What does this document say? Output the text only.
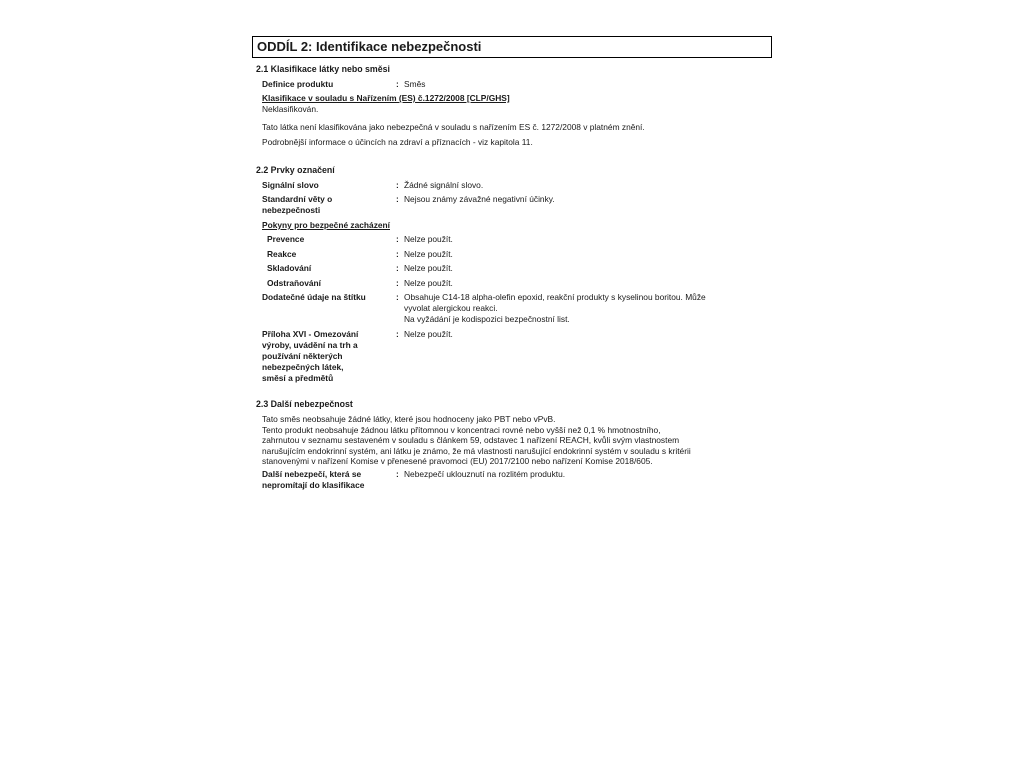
ODDÍL 2: Identifikace nebezpečnosti
2.1 Klasifikace látky nebo směsi
Definice produktu	: Směs
Klasifikace v souladu s Nařízením (ES) č.1272/2008 [CLP/GHS]
Neklasifikován.
Tato látka není klasifikována jako nebezpečná v souladu s nařízením ES č. 1272/2008 v platném znění.
Podrobnější informace o účincích na zdraví a příznacích - viz kapitola 11.
2.2 Prvky označení
Signální slovo	: Žádné signální slovo.
Standardní věty o
nebezpečnosti
: Nejsou známy závažné negativní účinky.
Pokyny pro bezpečné zacházení
Prevence	: Nelze použít.
Reakce	: Nelze použít.
Skladování	: Nelze použít.
Odstraňování	: Nelze použít.
Dodatečné údaje na štítku	: Obsahuje C14-18 alpha-olefin epoxid, reakční produkty s kyselinou boritou. Může
vyvolat alergickou reakci.
Na vyžádání je kodispozici bezpečnostní list.
Příloha XVI - Omezování
výroby, uvádění na trh a
používání některých
nebezpečných látek,
směsí a předmětů
: Nelze použít.
2.3 Další nebezpečnost
Tato směs neobsahuje žádné látky, které jsou hodnoceny jako PBT nebo vPvB.
Tento produkt neobsahuje žádnou látku přítomnou v koncentraci rovné nebo vyšší než 0,1 % hmotnostního,
zahrnutou v seznamu sestaveném v souladu s článkem 59, odstavec 1 nařízení REACH, kvůli svým vlastnostem
narušujícím endokrinní systém, ani látku je známo, že má vlastnosti narušující endokrinní systém v souladu s kritérii
stanovenými v nařízení Komise v přenesené pravomoci (EU) 2017/2100 nebo nařízení Komise 2018/605.
Další nebezpečí, která se
nepromítají do klasifikace
: Nebezpečí uklouznutí na rozlitém produktu.
